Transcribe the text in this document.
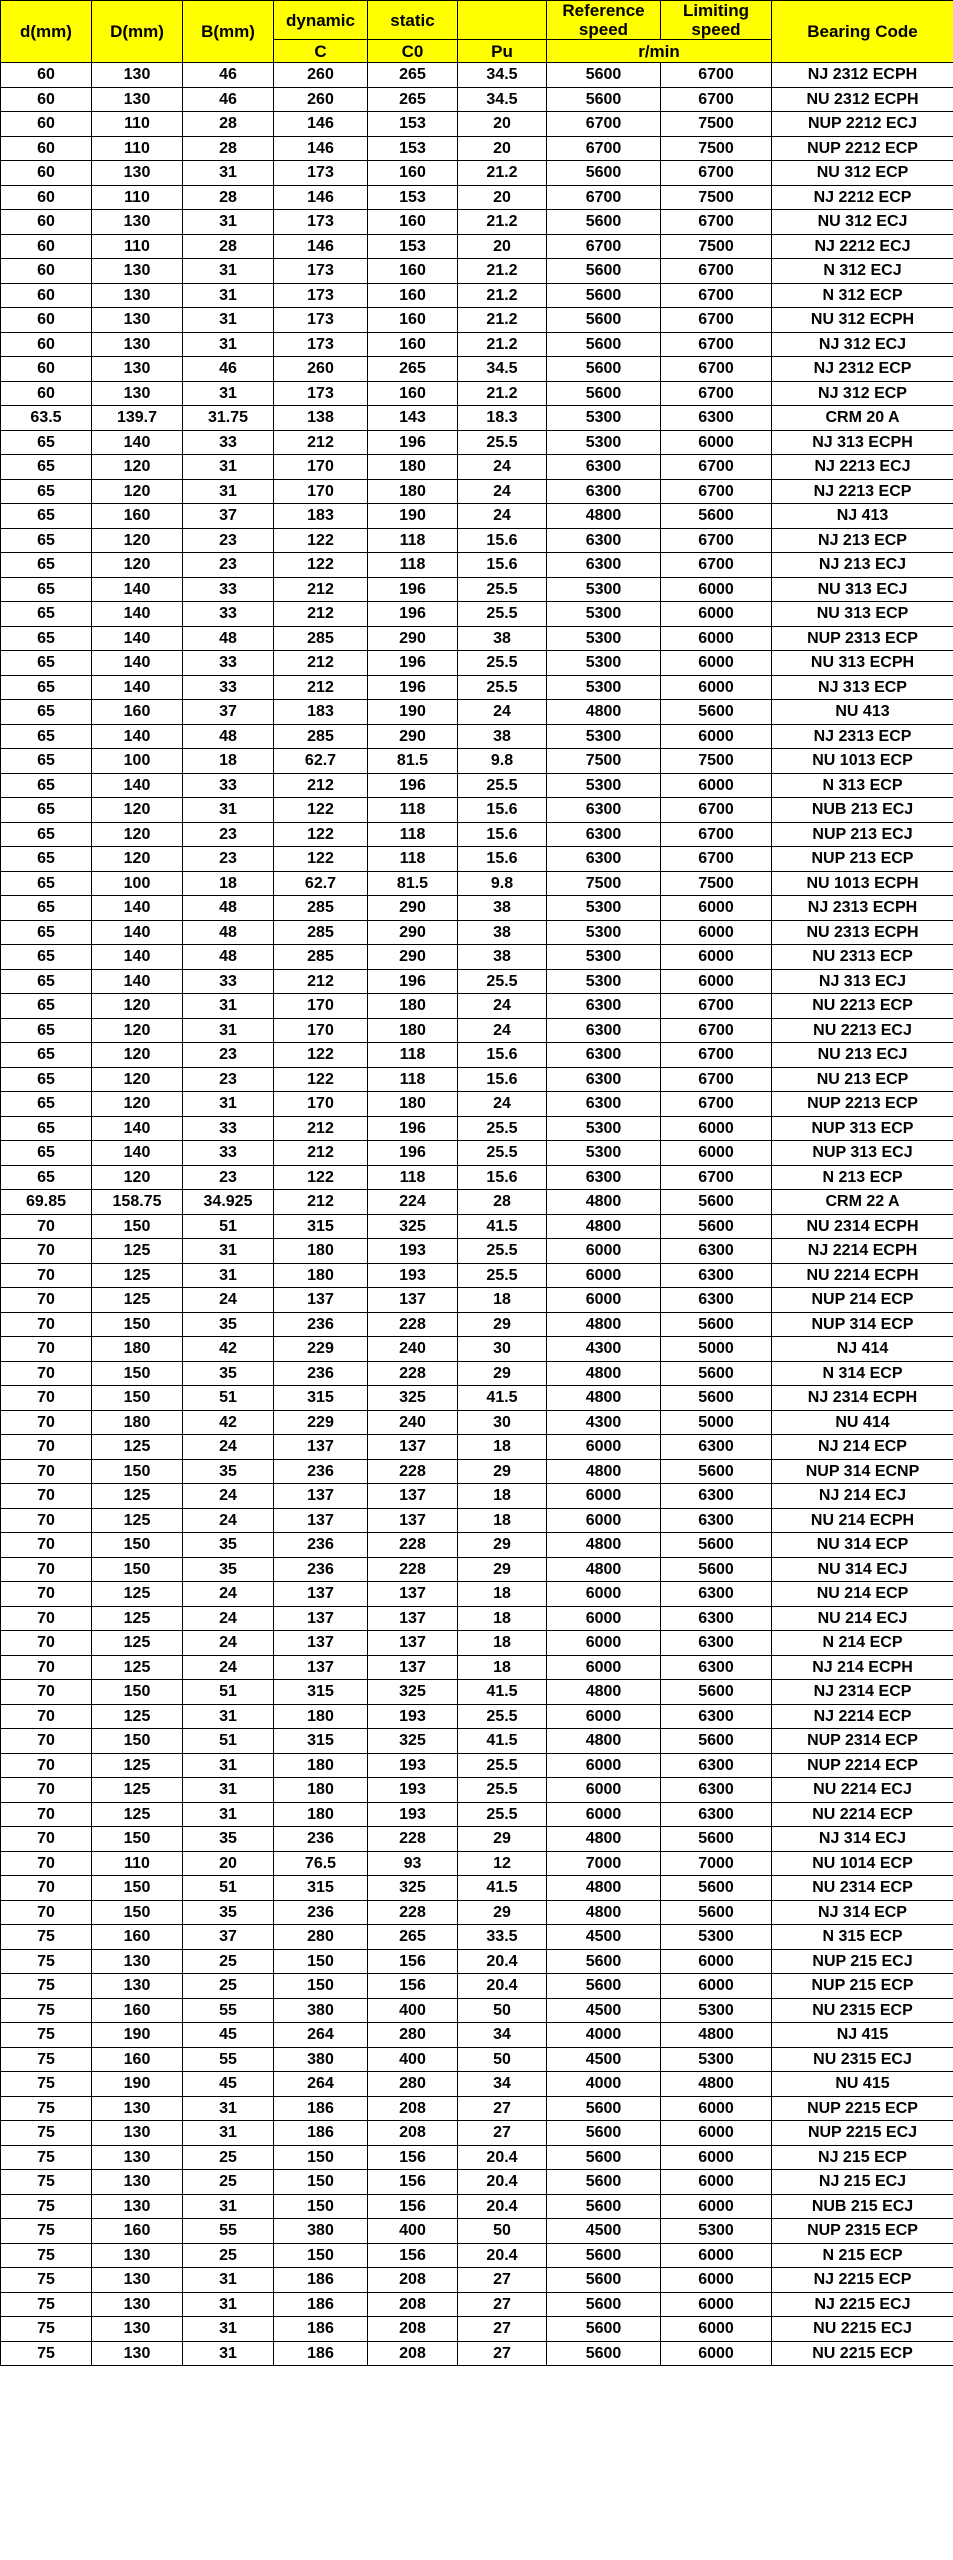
d(mm)	D(mm)	B(mm)	dynamic	static		Reference speed	Limiting speed	Bearing Code
			C	C0	Pu	r/min		
60	130	46	260	265	34.5	5600	6700	NJ 2312 ECPH
60	130	46	260	265	34.5	5600	6700	NU 2312 ECPH
60	110	28	146	153	20	6700	7500	NUP 2212 ECJ
60	110	28	146	153	20	6700	7500	NUP 2212 ECP
60	130	31	173	160	21.2	5600	6700	NU 312 ECP
60	110	28	146	153	20	6700	7500	NJ 2212 ECP
60	130	31	173	160	21.2	5600	6700	NU 312 ECJ
60	110	28	146	153	20	6700	7500	NJ 2212 ECJ
60	130	31	173	160	21.2	5600	6700	N 312 ECJ
60	130	31	173	160	21.2	5600	6700	N 312 ECP
60	130	31	173	160	21.2	5600	6700	NU 312 ECPH
60	130	31	173	160	21.2	5600	6700	NJ 312 ECJ
60	130	46	260	265	34.5	5600	6700	NJ 2312 ECP
60	130	31	173	160	21.2	5600	6700	NJ 312 ECP
63.5	139.7	31.75	138	143	18.3	5300	6300	CRM 20 A
65	140	33	212	196	25.5	5300	6000	NJ 313 ECPH
65	120	31	170	180	24	6300	6700	NJ 2213 ECJ
65	120	31	170	180	24	6300	6700	NJ 2213 ECP
65	160	37	183	190	24	4800	5600	NJ 413
65	120	23	122	118	15.6	6300	6700	NJ 213 ECP
65	120	23	122	118	15.6	6300	6700	NJ 213 ECJ
65	140	33	212	196	25.5	5300	6000	NU 313 ECJ
65	140	33	212	196	25.5	5300	6000	NU 313 ECP
65	140	48	285	290	38	5300	6000	NUP 2313 ECP
65	140	33	212	196	25.5	5300	6000	NU 313 ECPH
65	140	33	212	196	25.5	5300	6000	NJ 313 ECP
65	160	37	183	190	24	4800	5600	NU 413
65	140	48	285	290	38	5300	6000	NJ 2313 ECP
65	100	18	62.7	81.5	9.8	7500	7500	NU 1013 ECP
65	140	33	212	196	25.5	5300	6000	N 313 ECP
65	120	31	122	118	15.6	6300	6700	NUB 213 ECJ
65	120	23	122	118	15.6	6300	6700	NUP 213 ECJ
65	120	23	122	118	15.6	6300	6700	NUP 213 ECP
65	100	18	62.7	81.5	9.8	7500	7500	NU 1013 ECPH
65	140	48	285	290	38	5300	6000	NJ 2313 ECPH
65	140	48	285	290	38	5300	6000	NU 2313 ECPH
65	140	48	285	290	38	5300	6000	NU 2313 ECP
65	140	33	212	196	25.5	5300	6000	NJ 313 ECJ
65	120	31	170	180	24	6300	6700	NU 2213 ECP
65	120	31	170	180	24	6300	6700	NU 2213 ECJ
65	120	23	122	118	15.6	6300	6700	NU 213 ECJ
65	120	23	122	118	15.6	6300	6700	NU 213 ECP
65	120	31	170	180	24	6300	6700	NUP 2213 ECP
65	140	33	212	196	25.5	5300	6000	NUP 313 ECP
65	140	33	212	196	25.5	5300	6000	NUP 313 ECJ
65	120	23	122	118	15.6	6300	6700	N 213 ECP
69.85	158.75	34.925	212	224	28	4800	5600	CRM 22 A
70	150	51	315	325	41.5	4800	5600	NU 2314 ECPH
70	125	31	180	193	25.5	6000	6300	NJ 2214 ECPH
70	125	31	180	193	25.5	6000	6300	NU 2214 ECPH
70	125	24	137	137	18	6000	6300	NUP 214 ECP
70	150	35	236	228	29	4800	5600	NUP 314 ECP
70	180	42	229	240	30	4300	5000	NJ 414
70	150	35	236	228	29	4800	5600	N 314 ECP
70	150	51	315	325	41.5	4800	5600	NJ 2314 ECPH
70	180	42	229	240	30	4300	5000	NU 414
70	125	24	137	137	18	6000	6300	NJ 214 ECP
70	150	35	236	228	29	4800	5600	NUP 314 ECNP
70	125	24	137	137	18	6000	6300	NJ 214 ECJ
70	125	24	137	137	18	6000	6300	NU 214 ECPH
70	150	35	236	228	29	4800	5600	NU 314 ECP
70	150	35	236	228	29	4800	5600	NU 314 ECJ
70	125	24	137	137	18	6000	6300	NU 214 ECP
70	125	24	137	137	18	6000	6300	NU 214 ECJ
70	125	24	137	137	18	6000	6300	N 214 ECP
70	125	24	137	137	18	6000	6300	NJ 214 ECPH
70	150	51	315	325	41.5	4800	5600	NJ 2314 ECP
70	125	31	180	193	25.5	6000	6300	NJ 2214 ECP
70	150	51	315	325	41.5	4800	5600	NUP 2314 ECP
70	125	31	180	193	25.5	6000	6300	NUP 2214 ECP
70	125	31	180	193	25.5	6000	6300	NU 2214 ECJ
70	125	31	180	193	25.5	6000	6300	NU 2214 ECP
70	150	35	236	228	29	4800	5600	NJ 314 ECJ
70	110	20	76.5	93	12	7000	7000	NU 1014 ECP
70	150	51	315	325	41.5	4800	5600	NU 2314 ECP
70	150	35	236	228	29	4800	5600	NJ 314 ECP
75	160	37	280	265	33.5	4500	5300	N 315 ECP
75	130	25	150	156	20.4	5600	6000	NUP 215 ECJ
75	130	25	150	156	20.4	5600	6000	NUP 215 ECP
75	160	55	380	400	50	4500	5300	NU 2315 ECP
75	190	45	264	280	34	4000	4800	NJ 415
75	160	55	380	400	50	4500	5300	NU 2315 ECJ
75	190	45	264	280	34	4000	4800	NU 415
75	130	31	186	208	27	5600	6000	NUP 2215 ECP
75	130	31	186	208	27	5600	6000	NUP 2215 ECJ
75	130	25	150	156	20.4	5600	6000	NJ 215 ECP
75	130	25	150	156	20.4	5600	6000	NJ 215 ECJ
75	130	31	150	156	20.4	5600	6000	NUB 215 ECJ
75	160	55	380	400	50	4500	5300	NUP 2315 ECP
75	130	25	150	156	20.4	5600	6000	N 215 ECP
75	130	31	186	208	27	5600	6000	NJ 2215 ECP
75	130	31	186	208	27	5600	6000	NJ 2215 ECJ
75	130	31	186	208	27	5600	6000	NU 2215 ECJ
75	130	31	186	208	27	5600	6000	NU 2215 ECP
